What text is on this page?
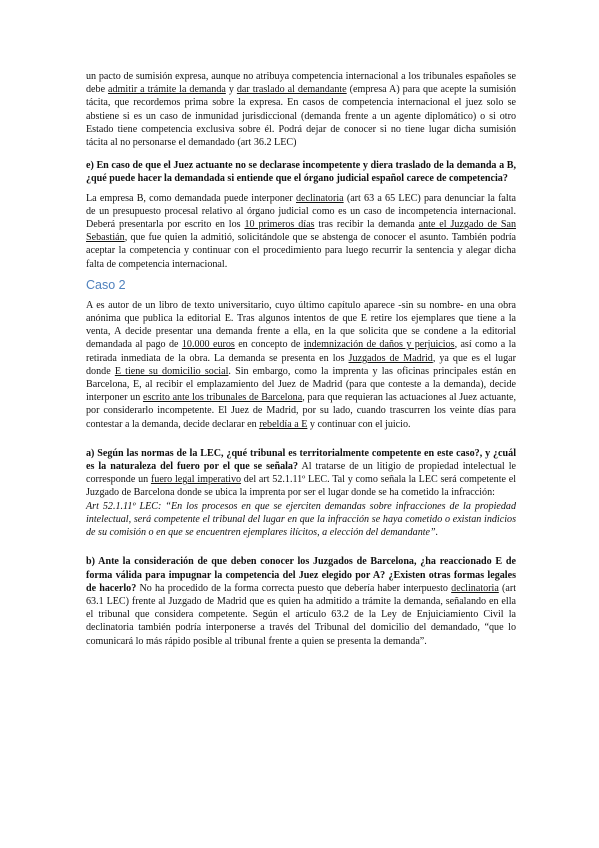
un pacto de sumisión expresa, aunque no atribuya competencia internacional a los tribunales españoles se debe admitir a trámite la demanda y dar traslado al demandante (empresa A) para que acepte la sumisión tácita, que recordemos prima sobre la expresa. En casos de competencia internacional el juez solo se abstiene si es un caso de inmunidad jurisdiccional (demanda frente a un agente diplomático) o si otro Estado tiene competencia exclusiva sobre él. Podrá dejar de conocer si no tiene lugar dicha sumisión tácita al no personarse el demandado (art 36.2 LEC)

e) En caso de que el Juez actuante no se declarase incompetente y diera traslado de la demanda a B, ¿qué puede hacer la demandada si entiende que el órgano judicial español carece de competencia?

La empresa B, como demandada puede interponer declinatoria (art 63 a 65 LEC) para denunciar la falta de un presupuesto procesal relativo al órgano judicial como es un caso de incompetencia internacional. Deberá presentarla por escrito en los 10 primeros días tras recibir la demanda ante el Juzgado de San Sebastián, que fue quien la admitió, solicitándole que se abstenga de conocer el asunto. También podría aceptar la competencia y continuar con el procedimiento para luego recurrir la sentencia y alegar dicha falta de competencia internacional.

Caso 2

A es autor de un libro de texto universitario, cuyo último capítulo aparece -sin su nombre- en una obra anónima que publica la editorial E. Tras algunos intentos de que E retire los ejemplares que tiene a la venta, A decide presentar una demanda frente a ella, en la que solicita que se condene a la editorial demandada al pago de 10.000 euros en concepto de indemnización de daños y perjuicios, así como a la retirada inmediata de la obra. La demanda se presenta en los Juzgados de Madrid, ya que es el lugar donde E tiene su domicilio social. Sin embargo, como la imprenta y las oficinas principales están en Barcelona, E, al recibir el emplazamiento del Juez de Madrid (para que conteste a la demanda), decide interponer un escrito ante los tribunales de Barcelona, para que requieran las actuaciones al Juez actuante, por considerarlo incompetente. El Juez de Madrid, por su lado, cuando trascurren los veinte días para contestar a la demanda, decide declarar en rebeldía a E y continuar con el juicio.

a) Según las normas de la LEC, ¿qué tribunal es territorialmente competente en este caso?, y ¿cuál es la naturaleza del fuero por el que se señala? Al tratarse de un litigio de propiedad intelectual le corresponde un fuero legal imperativo del art 52.1.11º LEC. Tal y como señala la LEC será competente el Juzgado de Barcelona donde se ubica la imprenta por ser el lugar donde se ha cometido la infracción:

Art 52.1.11º LEC: “En los procesos en que se ejerciten demandas sobre infracciones de la propiedad intelectual, será competente el tribunal del lugar en que la infracción se haya cometido o existan indicios de su comisión o en que se encuentren ejemplares ilícitos, a elección del demandante”.

b) Ante la consideración de que deben conocer los Juzgados de Barcelona, ¿ha reaccionado E de forma válida para impugnar la competencia del Juez elegido por A? ¿Existen otras formas legales de hacerlo? No ha procedido de la forma correcta puesto que debería haber interpuesto declinatoria (art 63.1 LEC) frente al Juzgado de Madrid que es quien ha admitido a trámite la demanda, señalando en ella el tribunal que considera competente. Según el artículo 63.2 de la Ley de Enjuiciamiento Civil la declinatoria también podría interponerse a través del Tribunal del domicilio del demandado, “que lo comunicará lo más rápido posible al tribunal frente a quien se presenta la demanda”.
